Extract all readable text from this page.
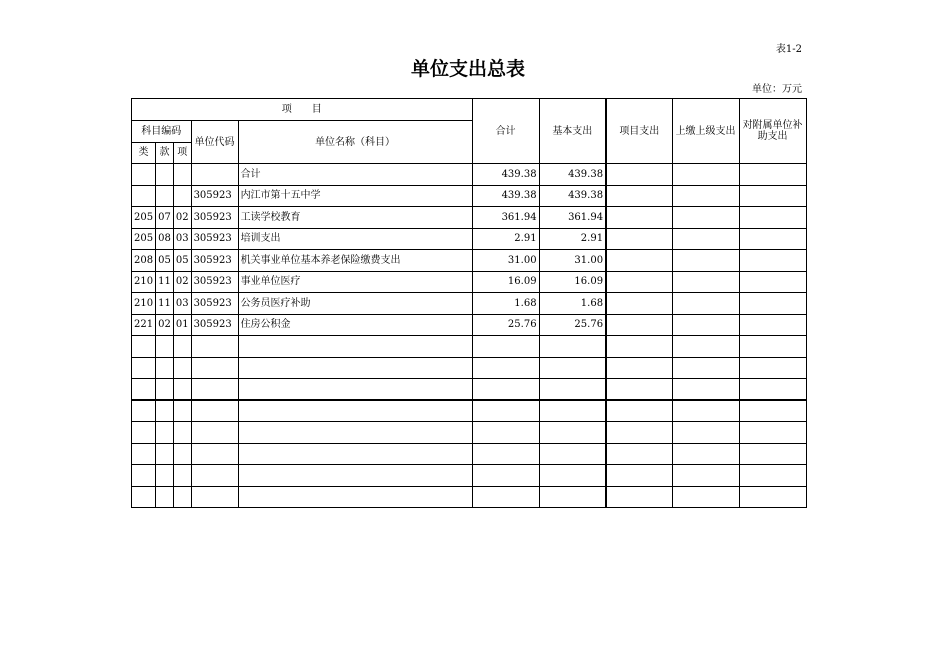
表1-2
单位支出总表
单位：万元
项　　目					合计	基本支出	项目支出	上缴上级支出	对附属单位补助支出
科目编码			单位代码	单位名称（科目）					
类	款	项							
				合计	439.38	439.38			
			305923	内江市第十五中学	439.38	439.38			
205	07	02	305923	工读学校教育	361.94	361.94			
205	08	03	305923	培训支出	2.91	2.91			
208	05	05	305923	机关事业单位基本养老保险缴费支出	31.00	31.00			
210	11	02	305923	事业单位医疗	16.09	16.09			
210	11	03	305923	公务员医疗补助	1.68	1.68			
221	02	01	305923	住房公积金	25.76	25.76			
